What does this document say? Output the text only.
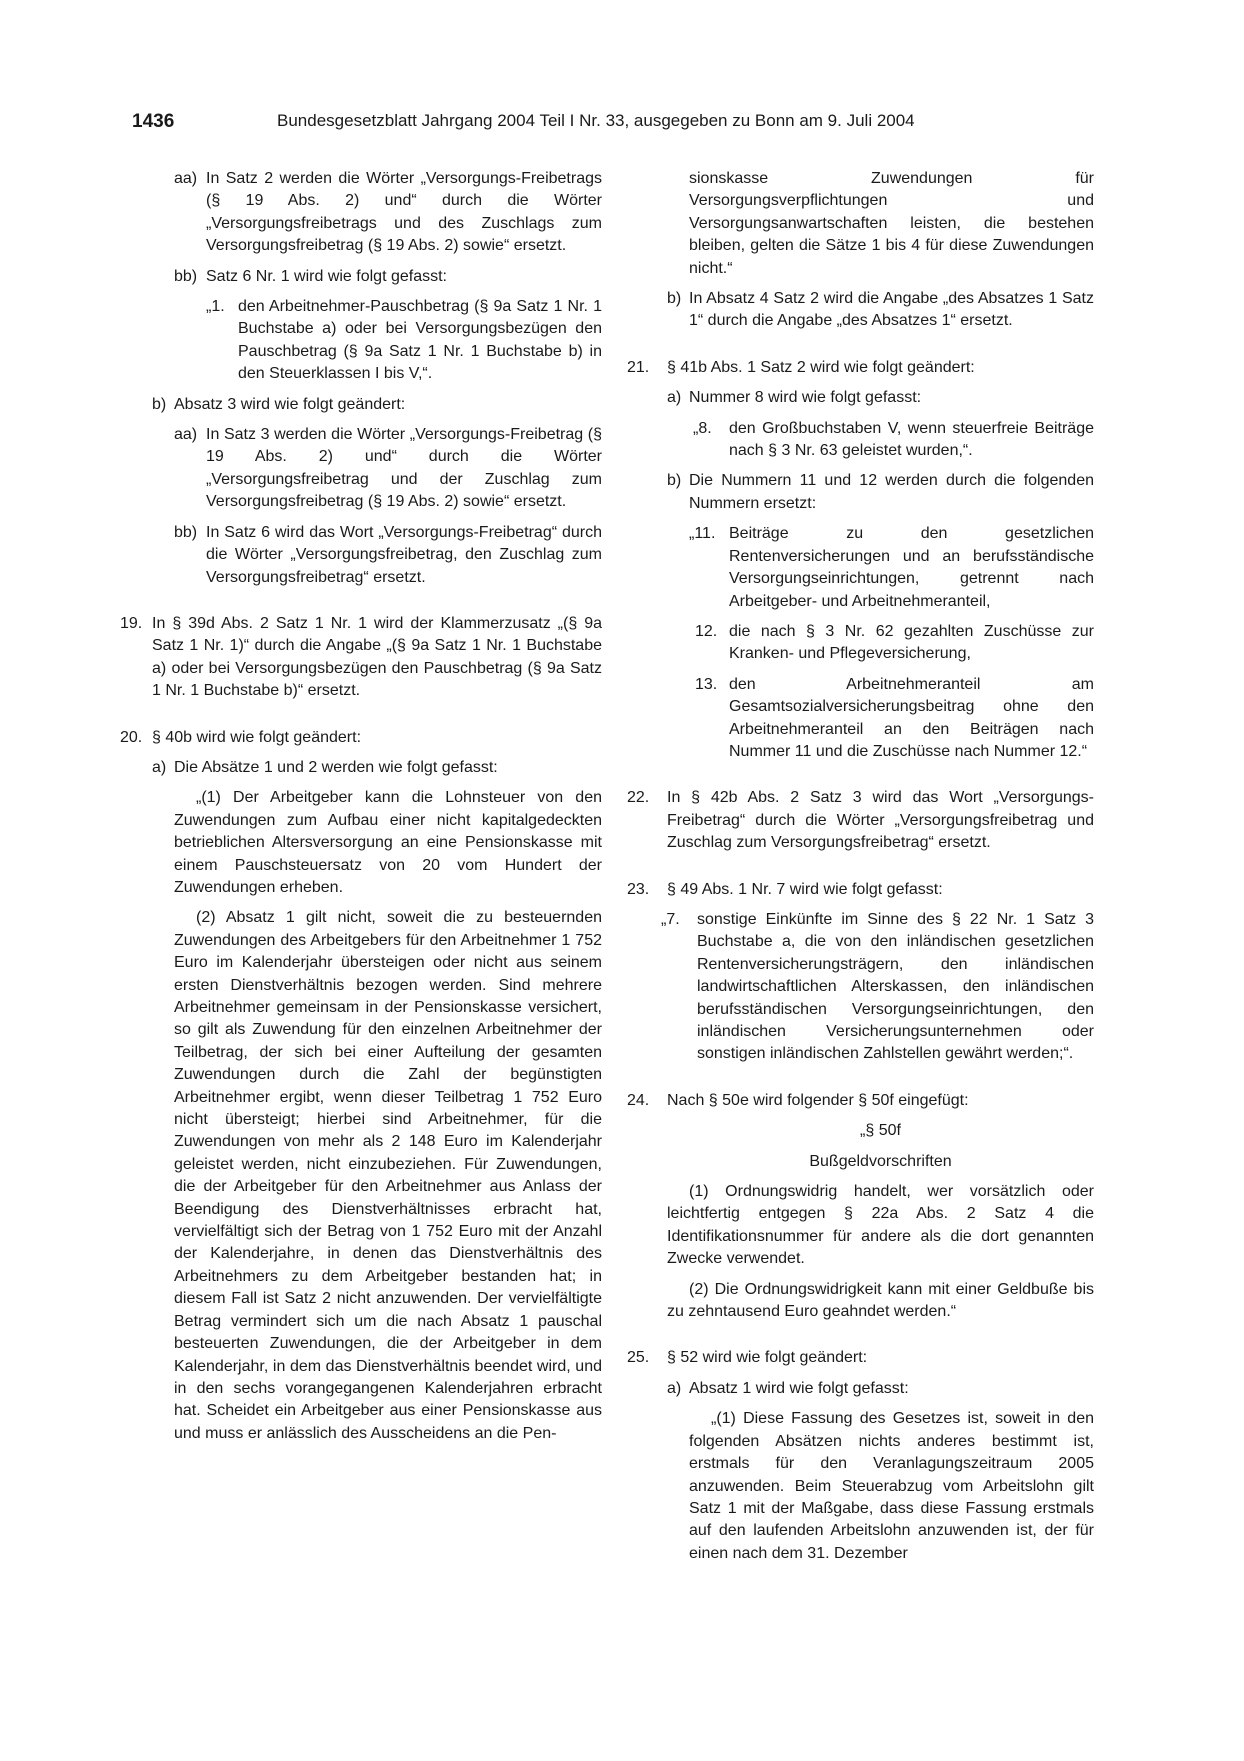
1436	Bundesgesetzblatt Jahrgang 2004 Teil I Nr. 33, ausgegeben zu Bonn am 9. Juli 2004
aa) In Satz 2 werden die Wörter „Versorgungs-Freibetrags (§ 19 Abs. 2) und“ durch die Wörter „Versorgungsfreibetrags und des Zuschlags zum Versorgungsfreibetrag (§ 19 Abs. 2) sowie“ ersetzt.
bb) Satz 6 Nr. 1 wird wie folgt gefasst:
„1. den Arbeitnehmer-Pauschbetrag (§ 9a Satz 1 Nr. 1 Buchstabe a) oder bei Versorgungsbezügen den Pauschbetrag (§ 9a Satz 1 Nr. 1 Buchstabe b) in den Steuerklassen I bis V,“.
b) Absatz 3 wird wie folgt geändert:
aa) In Satz 3 werden die Wörter „Versorgungs-Freibetrag (§ 19 Abs. 2) und“ durch die Wörter „Versorgungsfreibetrag und der Zuschlag zum Versorgungsfreibetrag (§ 19 Abs. 2) sowie“ ersetzt.
bb) In Satz 6 wird das Wort „Versorgungs-Freibetrag“ durch die Wörter „Versorgungsfreibetrag, den Zuschlag zum Versorgungsfreibetrag“ ersetzt.
19. In § 39d Abs. 2 Satz 1 Nr. 1 wird der Klammerzusatz „(§ 9a Satz 1 Nr. 1)“ durch die Angabe „(§ 9a Satz 1 Nr. 1 Buchstabe a) oder bei Versorgungsbezügen den Pauschbetrag (§ 9a Satz 1 Nr. 1 Buchstabe b)“ ersetzt.
20. § 40b wird wie folgt geändert:
a) Die Absätze 1 und 2 werden wie folgt gefasst:
„(1) Der Arbeitgeber kann die Lohnsteuer von den Zuwendungen zum Aufbau einer nicht kapitalgedeckten betrieblichen Altersversorgung an eine Pensionskasse mit einem Pauschsteuersatz von 20 vom Hundert der Zuwendungen erheben.
(2) Absatz 1 gilt nicht, soweit die zu besteuernden Zuwendungen des Arbeitgebers für den Arbeitnehmer 1 752 Euro im Kalenderjahr übersteigen oder nicht aus seinem ersten Dienstverhältnis bezogen werden. Sind mehrere Arbeitnehmer gemeinsam in der Pensionskasse versichert, so gilt als Zuwendung für den einzelnen Arbeitnehmer der Teilbetrag, der sich bei einer Aufteilung der gesamten Zuwendungen durch die Zahl der begünstigten Arbeitnehmer ergibt, wenn dieser Teilbetrag 1 752 Euro nicht übersteigt; hierbei sind Arbeitnehmer, für die Zuwendungen von mehr als 2 148 Euro im Kalenderjahr geleistet werden, nicht einzubeziehen. Für Zuwendungen, die der Arbeitgeber für den Arbeitnehmer aus Anlass der Beendigung des Dienstverhältnisses erbracht hat, vervielfältigt sich der Betrag von 1 752 Euro mit der Anzahl der Kalenderjahre, in denen das Dienstverhältnis des Arbeitnehmers zu dem Arbeitgeber bestanden hat; in diesem Fall ist Satz 2 nicht anzuwenden. Der vervielfältigte Betrag vermindert sich um die nach Absatz 1 pauschal besteuerten Zuwendungen, die der Arbeitgeber in dem Kalenderjahr, in dem das Dienstverhältnis beendet wird, und in den sechs vorangegangenen Kalenderjahren erbracht hat. Scheidet ein Arbeitgeber aus einer Pensionskasse aus und muss er anlässlich des Ausscheidens an die Pen-
sionskasse Zuwendungen für Versorgungsverpflichtungen und Versorgungsanwartschaften leisten, die bestehen bleiben, gelten die Sätze 1 bis 4 für diese Zuwendungen nicht.“
b) In Absatz 4 Satz 2 wird die Angabe „des Absatzes 1 Satz 1“ durch die Angabe „des Absatzes 1“ ersetzt.
21. § 41b Abs. 1 Satz 2 wird wie folgt geändert:
a) Nummer 8 wird wie folgt gefasst:
„8. den Großbuchstaben V, wenn steuerfreie Beiträge nach § 3 Nr. 63 geleistet wurden,“.
b) Die Nummern 11 und 12 werden durch die folgenden Nummern ersetzt:
„11. Beiträge zu den gesetzlichen Rentenversicherungen und an berufsständische Versorgungseinrichtungen, getrennt nach Arbeitgeber- und Arbeitnehmeranteil,
12. die nach § 3 Nr. 62 gezahlten Zuschüsse zur Kranken- und Pflegeversicherung,
13. den Arbeitnehmeranteil am Gesamtsozialversicherungsbeitrag ohne den Arbeitnehmeranteil an den Beiträgen nach Nummer 11 und die Zuschüsse nach Nummer 12.“
22. In § 42b Abs. 2 Satz 3 wird das Wort „Versorgungs-Freibetrag“ durch die Wörter „Versorgungsfreibetrag und Zuschlag zum Versorgungsfreibetrag“ ersetzt.
23. § 49 Abs. 1 Nr. 7 wird wie folgt gefasst:
„7. sonstige Einkünfte im Sinne des § 22 Nr. 1 Satz 3 Buchstabe a, die von den inländischen gesetzlichen Rentenversicherungsträgern, den inländischen landwirtschaftlichen Alterskassen, den inländischen berufsständischen Versorgungseinrichtungen, den inländischen Versicherungsunternehmen oder sonstigen inländischen Zahlstellen gewährt werden;“.
24. Nach § 50e wird folgender § 50f eingefügt:
„§ 50f
Bußgeldvorschriften
(1) Ordnungswidrig handelt, wer vorsätzlich oder leichtfertig entgegen § 22a Abs. 2 Satz 4 die Identifikationsnummer für andere als die dort genannten Zwecke verwendet.
(2) Die Ordnungswidrigkeit kann mit einer Geldbuße bis zu zehntausend Euro geahndet werden.“
25. § 52 wird wie folgt geändert:
a) Absatz 1 wird wie folgt gefasst:
„(1) Diese Fassung des Gesetzes ist, soweit in den folgenden Absätzen nichts anderes bestimmt ist, erstmals für den Veranlagungszeitraum 2005 anzuwenden. Beim Steuerabzug vom Arbeitslohn gilt Satz 1 mit der Maßgabe, dass diese Fassung erstmals auf den laufenden Arbeitslohn anzuwenden ist, der für einen nach dem 31. Dezember
